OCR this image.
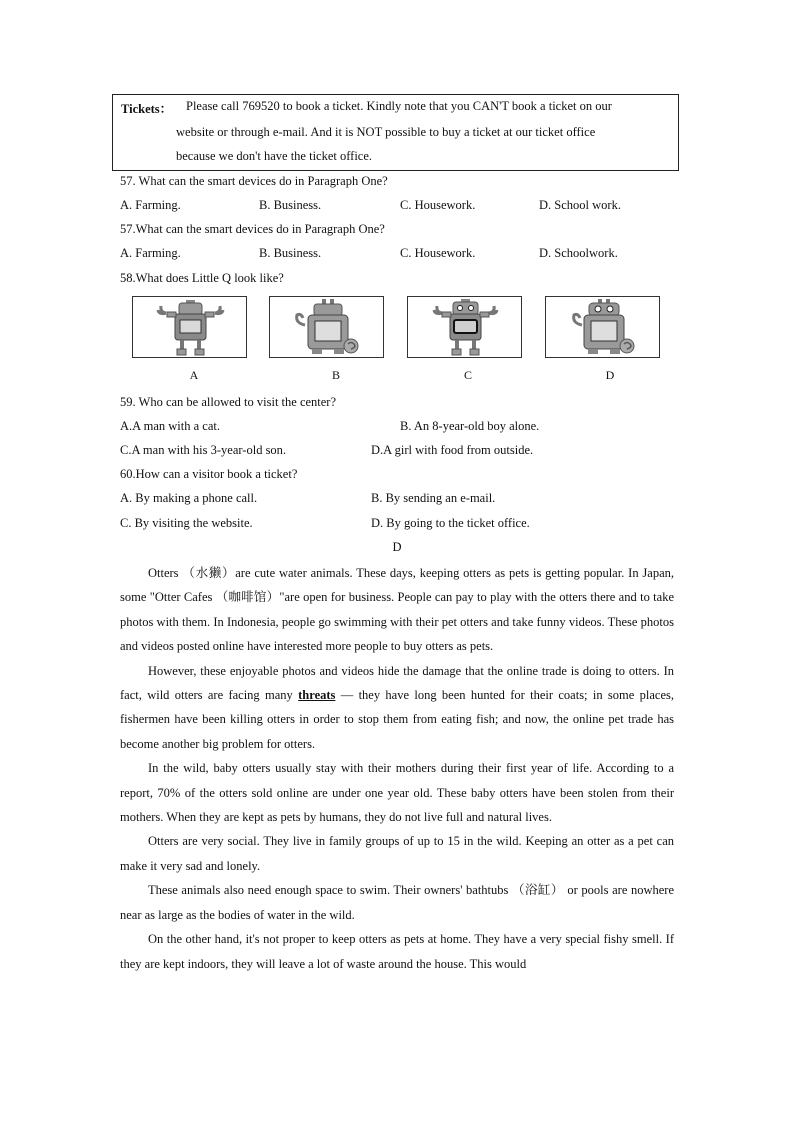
Tickets： Please call 769520 to book a ticket. Kindly note that you CAN'T book a ticket on our
website or through e-mail. And it is NOT possible to buy a ticket at our ticket office
because we don't have the ticket office.
57. What can the smart devices do in Paragraph One?
A. Farming.	B. Business.	C. Housework.	D. School work.
57.What can the smart devices do in Paragraph One?
A. Farming.	B. Business.	C. Housework.	D. Schoolwork.
58.What does Little Q look like?
A	B	C	D
59. Who can be allowed to visit the center?
A.A man with a cat.	B. An 8-year-old boy alone.
C.A man with his 3-year-old son.	D.A girl with food from outside.
60.How can a visitor book a ticket?
A. By making a phone call.	B. By sending an e-mail.
C. By visiting the website.	D. By going to the ticket office.
D

Otters （水獭）are cute water animals. These days, keeping otters as pets is getting popular. In Japan, some "Otter Cafes （咖啡馆）"are open for business. People can pay to play with the otters there and to take photos with them. In Indonesia, people go swimming with their pet otters and take funny videos. These photos and videos posted online have interested more people to buy otters as pets.

However, these enjoyable photos and videos hide the damage that the online trade is doing to otters. In fact, wild otters are facing many threats — they have long been hunted for their coats; in some places, fishermen have been killing otters in order to stop them from eating fish; and now, the online pet trade has become another big problem for otters.

In the wild, baby otters usually stay with their mothers during their first year of life. According to a report, 70% of the otters sold online are under one year old. These baby otters have been stolen from their mothers. When they are kept as pets by humans, they do not live full and natural lives.

Otters are very social. They live in family groups of up to 15 in the wild. Keeping an otter as a pet can make it very sad and lonely.

These animals also need enough space to swim. Their owners' bathtubs （浴缸） or pools are nowhere near as large as the bodies of water in the wild.

On the other hand, it's not proper to keep otters as pets at home. They have a very special fishy smell. If they are kept indoors, they will leave a lot of waste around the house. This would
